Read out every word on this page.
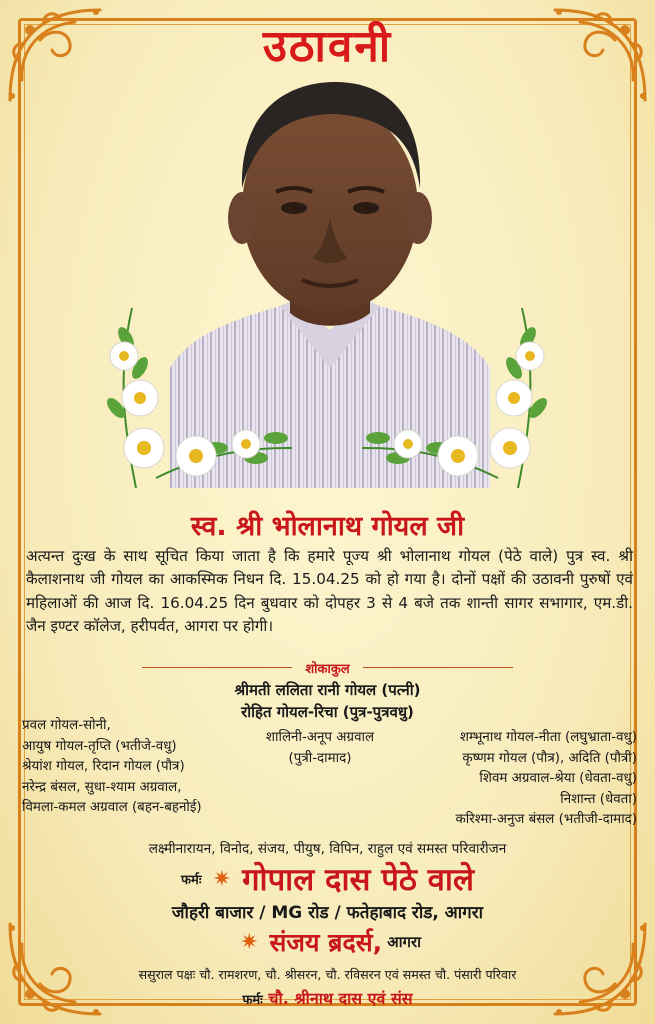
उठावनी
स्व. श्री भोलानाथ गोयल जी
अत्यन्त दुःख के साथ सूचित किया जाता है कि हमारे पूज्य श्री भोलानाथ गोयल (पेठे वाले) पुत्र स्व. श्री कैलाशनाथ जी गोयल का आकस्मिक निधन दि. 15.04.25 को हो गया है। दोनों पक्षों की उठावनी पुरुषों एवं महिलाओं की आज दि. 16.04.25 दिन बुधवार को दोपहर 3 से 4 बजे तक शान्ती सागर सभागार, एम.डी. जैन इण्टर कॉलेज, हरीपर्वत, आगरा पर होगी।
शोकाकुल
श्रीमती ललिता रानी गोयल (पत्नी)
रोहित गोयल-रिचा (पुत्र-पुत्रवधु)
प्रवल गोयल-सोनी,
आयुष गोयल-तृप्ति (भतीजे-वधु)
श्रेयांश गोयल, रिदान गोयल (पौत्र)
नरेन्द्र बंसल, सुधा-श्याम अग्रवाल,
विमला-कमल अग्रवाल (बहन-बहनोई)
शालिनी-अनूप अग्रवाल
(पुत्री-दामाद)
शम्भूनाथ गोयल-नीता (लघुभ्राता-वधु)
कृष्णम गोयल (पौत्र), अदिति (पौत्री)
शिवम अग्रवाल-श्रेया (धेवता-वधु)
निशान्त (धेवता)
करिश्मा-अनुज बंसल (भतीजी-दामाद)
लक्ष्मीनारायन, विनोद, संजय, पीयुष, विपिन, राहुल एवं समस्त परिवारीजन
फर्मः ✷ गोपाल दास पेठे वाले
जौहरी बाजार / MG रोड / फतेहाबाद रोड, आगरा
✷ संजय ब्रदर्स, आगरा
ससुराल पक्षः चौ. रामशरण, चौ. श्रीसरन, चौ. रविसरन एवं समस्त चौ. पंसारी परिवार
फर्मः चौ. श्रीनाथ दास एवं संस
